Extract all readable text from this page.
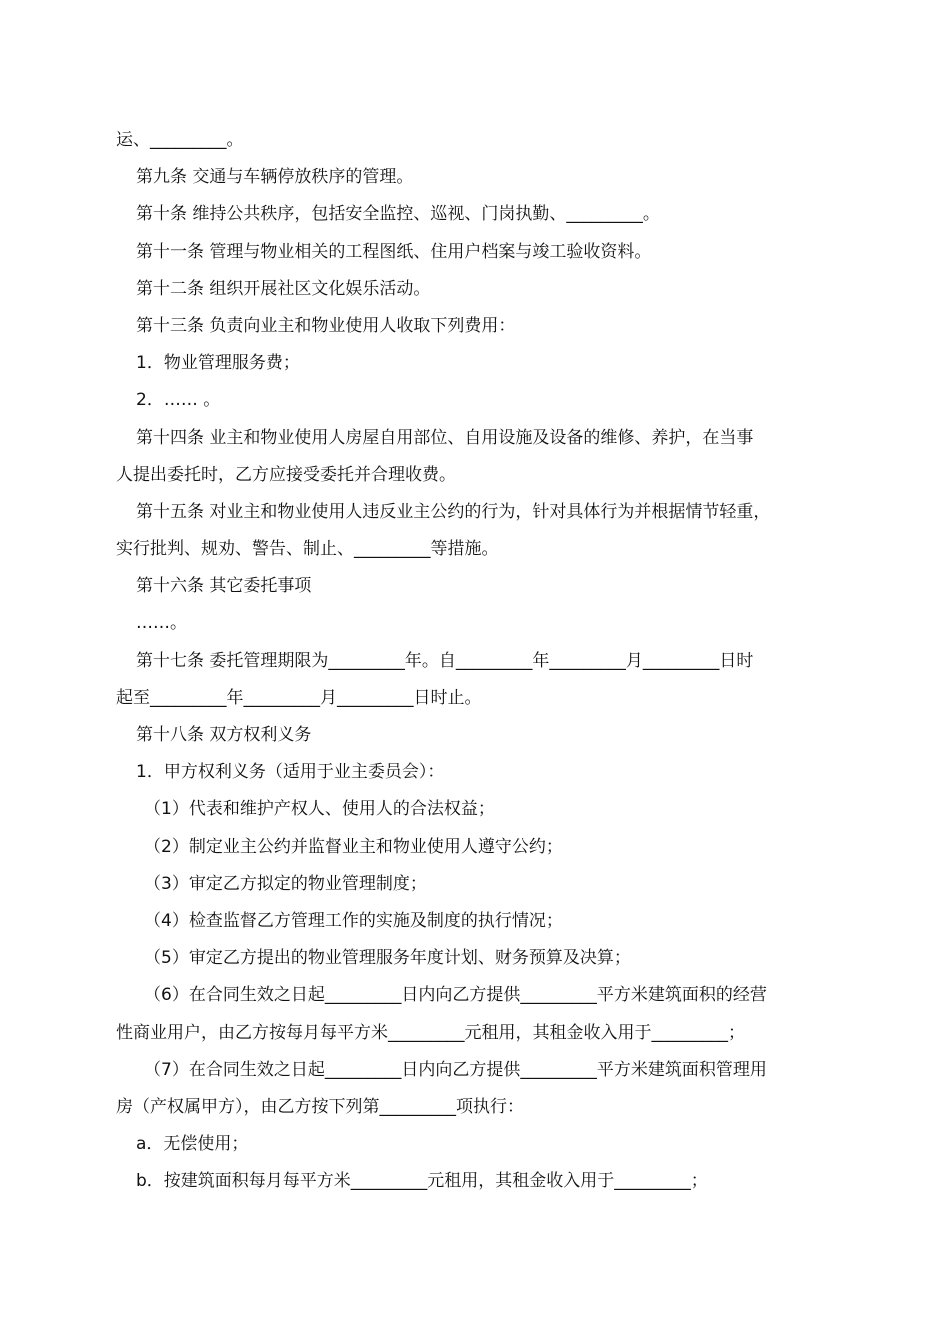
运、_________。
第九条 交通与车辆停放秩序的管理。
第十条 维持公共秩序，包括安全监控、巡视、门岗执勤、_________。
第十一条 管理与物业相关的工程图纸、住用户档案与竣工验收资料。
第十二条 组织开展社区文化娱乐活动。
第十三条 负责向业主和物业使用人收取下列费用：
1．物业管理服务费；
2．…… 。
第十四条 业主和物业使用人房屋自用部位、自用设施及设备的维修、养护，在当事
人提出委托时，乙方应接受委托并合理收费。
第十五条 对业主和物业使用人违反业主公约的行为，针对具体行为并根据情节轻重，
实行批判、规劝、警告、制止、_________等措施。
第十六条 其它委托事项
……。
第十七条 委托管理期限为_________年。自_________年_________月_________日时
起至_________年_________月_________日时止。
第十八条 双方权利义务
1．甲方权利义务（适用于业主委员会）：
（1）代表和维护产权人、使用人的合法权益；
（2）制定业主公约并监督业主和物业使用人遵守公约；
（3）审定乙方拟定的物业管理制度；
（4）检查监督乙方管理工作的实施及制度的执行情况；
（5）审定乙方提出的物业管理服务年度计划、财务预算及决算；
（6）在合同生效之日起_________日内向乙方提供_________平方米建筑面积的经营
性商业用户，由乙方按每月每平方米_________元租用，其租金收入用于_________；
（7）在合同生效之日起_________日内向乙方提供_________平方米建筑面积管理用
房（产权属甲方），由乙方按下列第_________项执行：
a．无偿使用；
b．按建筑面积每月每平方米_________元租用，其租金收入用于_________；
